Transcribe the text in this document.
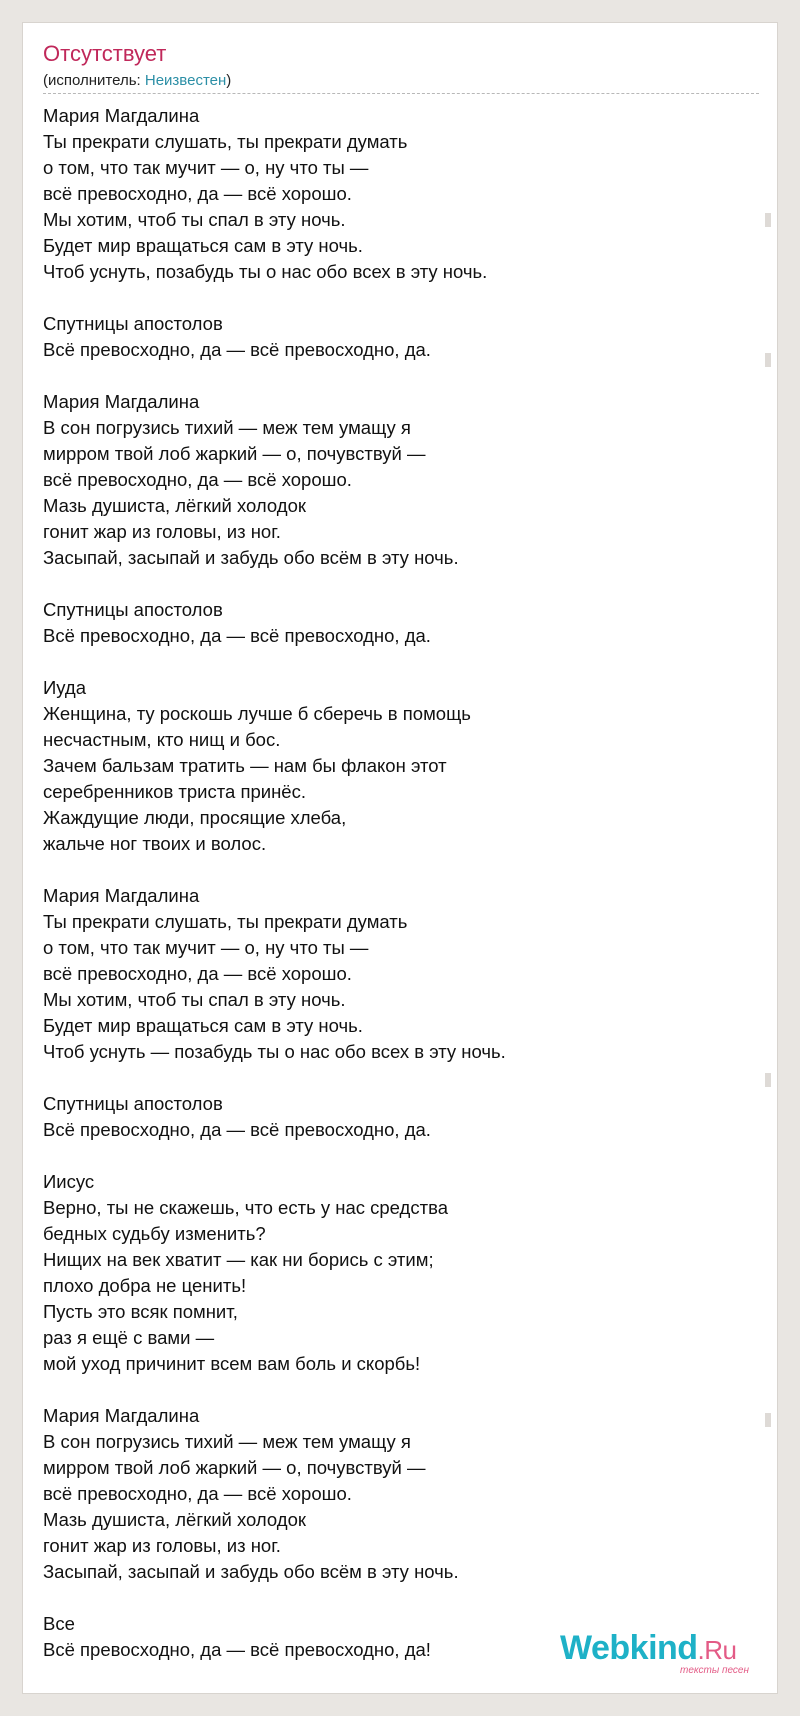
Отсутствует
(исполнитель: Неизвестен)
Мария Магдалина
Ты прекрати слушать, ты прекрати думать
о том, что так мучит — о, ну что ты —
всё превосходно, да — всё хорошо.
Мы хотим, чтоб ты спал в эту ночь.
Будет мир вращаться сам в эту ночь.
Чтоб уснуть, позабудь ты о нас обо всех в эту ночь.
Спутницы апостолов
Всё превосходно, да — всё превосходно, да.
Мария Магдалина
В сон погрузись тихий — меж тем умащу я
мирром твой лоб жаркий — о, почувствуй —
всё превосходно, да — всё хорошо.
Мазь душиста, лёгкий холодок
гонит жар из головы, из ног.
Засыпай, засыпай и забудь обо всём в эту ночь.
Спутницы апостолов
Всё превосходно, да — всё превосходно, да.
Иуда
Женщина, ту роскошь лучше б сберечь в помощь
несчастным, кто нищ и бос.
Зачем бальзам тратить — нам бы флакон этот
серебренников триста принёс.
Жаждущие люди, просящие хлеба,
жальче ног твоих и волос.
Мария Магдалина
Ты прекрати слушать, ты прекрати думать
о том, что так мучит — о, ну что ты —
всё превосходно, да — всё хорошо.
Мы хотим, чтоб ты спал в эту ночь.
Будет мир вращаться сам в эту ночь.
Чтоб уснуть — позабудь ты о нас обо всех в эту ночь.
Спутницы апостолов
Всё превосходно, да — всё превосходно, да.
Иисус
Верно, ты не скажешь, что есть у нас средства
бедных судьбу изменить?
Нищих на век хватит — как ни борись с этим;
плохо добра не ценить!
Пусть это всяк помнит,
раз я ещё с вами —
мой уход причинит всем вам боль и скорбь!
Мария Магдалина
В сон погрузись тихий — меж тем умащу я
мирром твой лоб жаркий — о, почувствуй —
всё превосходно, да — всё хорошо.
Мазь душиста, лёгкий холодок
гонит жар из головы, из ног.
Засыпай, засыпай и забудь обо всём в эту ночь.
Все
Всё превосходно, да — всё превосходно, да!	Webkind.Ru
тексты песен
